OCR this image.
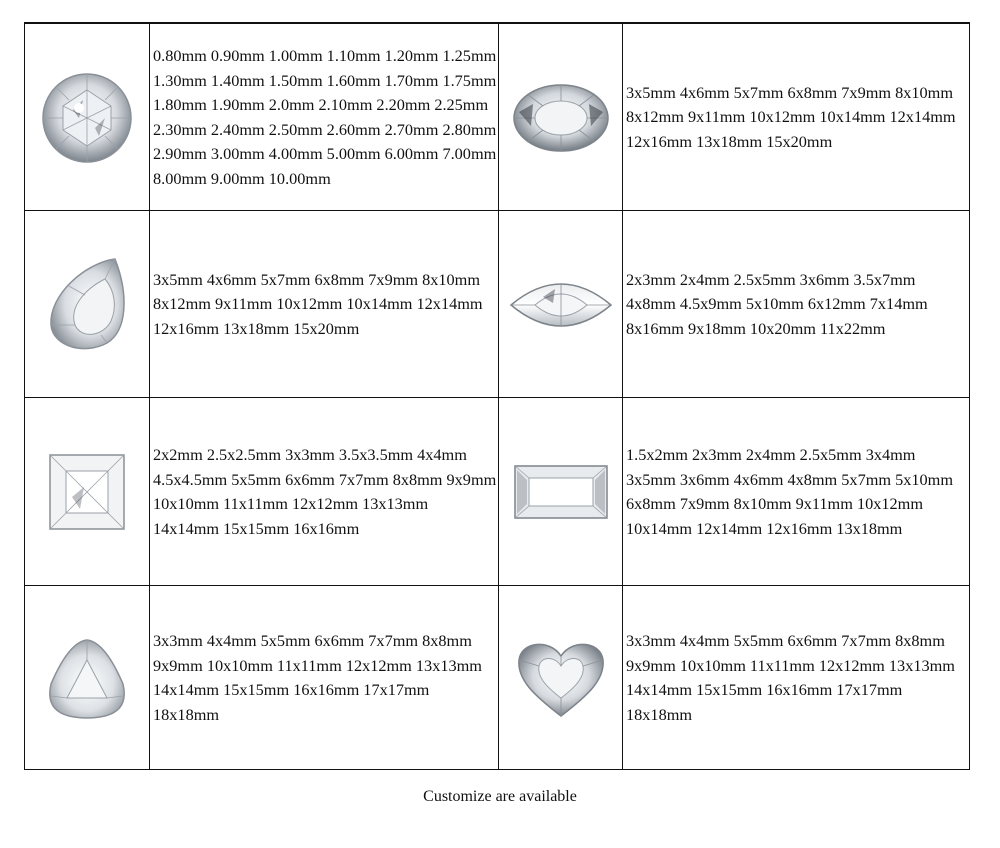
0.80mm 0.90mm 1.00mm 1.10mm 1.20mm 1.25mm 1.30mm 1.40mm 1.50mm 1.60mm 1.70mm 1.75mm 1.80mm 1.90mm 2.0mm 2.10mm 2.20mm 2.25mm 2.30mm 2.40mm 2.50mm 2.60mm 2.70mm 2.80mm 2.90mm 3.00mm 4.00mm 5.00mm 6.00mm 7.00mm 8.00mm 9.00mm 10.00mm
3x5mm 4x6mm 5x7mm 6x8mm 7x9mm 8x10mm 8x12mm 9x11mm 10x12mm 10x14mm 12x14mm 12x16mm 13x18mm 15x20mm
3x5mm 4x6mm 5x7mm 6x8mm 7x9mm 8x10mm 8x12mm 9x11mm 10x12mm 10x14mm 12x14mm 12x16mm 13x18mm 15x20mm
2x3mm 2x4mm 2.5x5mm 3x6mm 3.5x7mm 4x8mm 4.5x9mm 5x10mm 6x12mm 7x14mm 8x16mm 9x18mm 10x20mm 11x22mm
2x2mm 2.5x2.5mm 3x3mm 3.5x3.5mm 4x4mm 4.5x4.5mm 5x5mm 6x6mm 7x7mm 8x8mm 9x9mm 10x10mm 11x11mm 12x12mm 13x13mm 14x14mm 15x15mm 16x16mm
1.5x2mm 2x3mm 2x4mm 2.5x5mm 3x4mm 3x5mm 3x6mm 4x6mm 4x8mm 5x7mm 5x10mm 6x8mm 7x9mm 8x10mm 9x11mm 10x12mm 10x14mm 12x14mm 12x16mm 13x18mm
3x3mm 4x4mm 5x5mm 6x6mm 7x7mm 8x8mm 9x9mm 10x10mm 11x11mm 12x12mm 13x13mm 14x14mm 15x15mm 16x16mm 17x17mm 18x18mm
3x3mm 4x4mm 5x5mm 6x6mm 7x7mm 8x8mm 9x9mm 10x10mm 11x11mm 12x12mm 13x13mm 14x14mm 15x15mm 16x16mm 17x17mm 18x18mm
Customize are available
